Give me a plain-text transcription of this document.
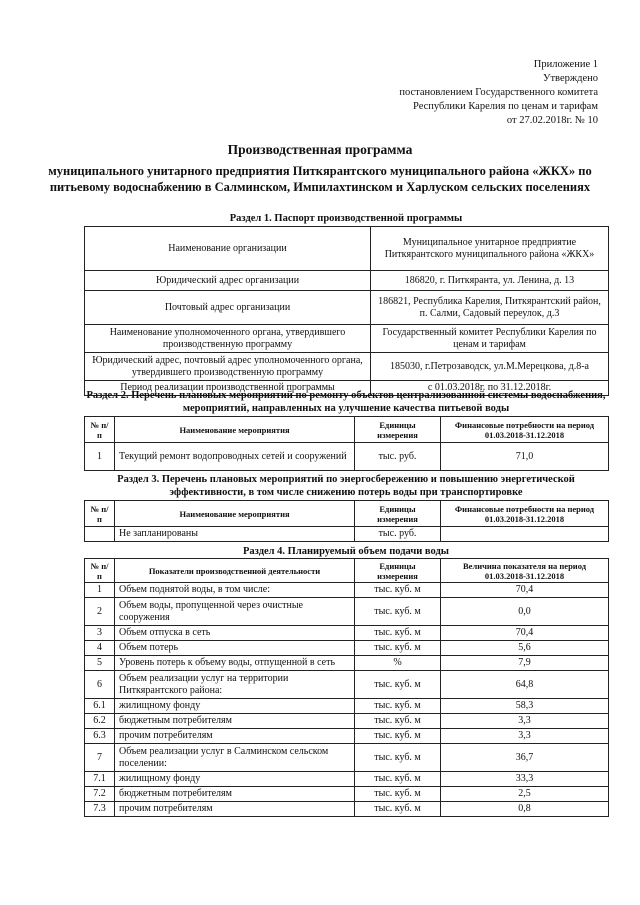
Приложение 1
Утверждено
постановлением Государственного комитета
Республики Карелия по ценам и тарифам
от 27.02.2018г. № 10
Производственная программа
муниципального унитарного предприятия Питкярантского муниципального района «ЖКХ» по питьевому водоснабжению в Салминском, Импилахтинском и Харлуском сельских поселениях
Раздел 1. Паспорт производственной программы
Наименование организации	Муниципальное унитарное предприятие Питкярантского муниципального района «ЖКХ»
Юридический адрес организации	186820, г. Питкяранта, ул. Ленина, д. 13
Почтовый адрес организации	186821, Республика Карелия, Питкярантский район, п. Салми, Садовый переулок, д.3
Наименование уполномоченного органа, утвердившего производственную программу	Государственный комитет Республики Карелия по ценам и тарифам
Юридический адрес, почтовый адрес уполномоченного органа, утвердившего производственную программу	185030, г.Петрозаводск, ул.М.Мерецкова, д.8-а
Период реализации производственной программы	с 01.03.2018г. по 31.12.2018г.
Раздел 2. Перечень плановых мероприятий по ремонту объектов централизованной системы водоснабжения, мероприятий, направленных на улучшение качества питьевой воды
№ п/п	Наименование мероприятия	Единицы измерения	Финансовые потребности на период 01.03.2018-31.12.2018
1	Текущий ремонт водопроводных сетей и сооружений	тыс. руб.	71,0
Раздел 3. Перечень плановых мероприятий по энергосбережению и повышению энергетической эффективности, в том числе снижению потерь воды при транспортировке
№ п/п	Наименование мероприятия	Единицы измерения	Финансовые потребности на период 01.03.2018-31.12.2018
	Не запланированы	тыс. руб.	
Раздел 4. Планируемый объем подачи воды
№ п/п	Показатели производственной деятельности	Единицы измерения	Величина показателя на период 01.03.2018-31.12.2018
1	Объем поднятой воды, в том числе:	тыс. куб. м	70,4
2	Объем воды, пропущенной через очистные сооружения	тыс. куб. м	0,0
3	Объем отпуска в сеть	тыс. куб. м	70,4
4	Объем потерь	тыс. куб. м	5,6
5	Уровень потерь к объему воды, отпущенной в сеть	%	7,9
6	Объем реализации услуг на территории Питкярантского района:	тыс. куб. м	64,8
6.1	жилищному фонду	тыс. куб. м	58,3
6.2	бюджетным потребителям	тыс. куб. м	3,3
6.3	прочим потребителям	тыс. куб. м	3,3
7	Объем реализации услуг в Салминском сельском поселении:	тыс. куб. м	36,7
7.1	жилищному фонду	тыс. куб. м	33,3
7.2	бюджетным потребителям	тыс. куб. м	2,5
7.3	прочим потребителям	тыс. куб. м	0,8
